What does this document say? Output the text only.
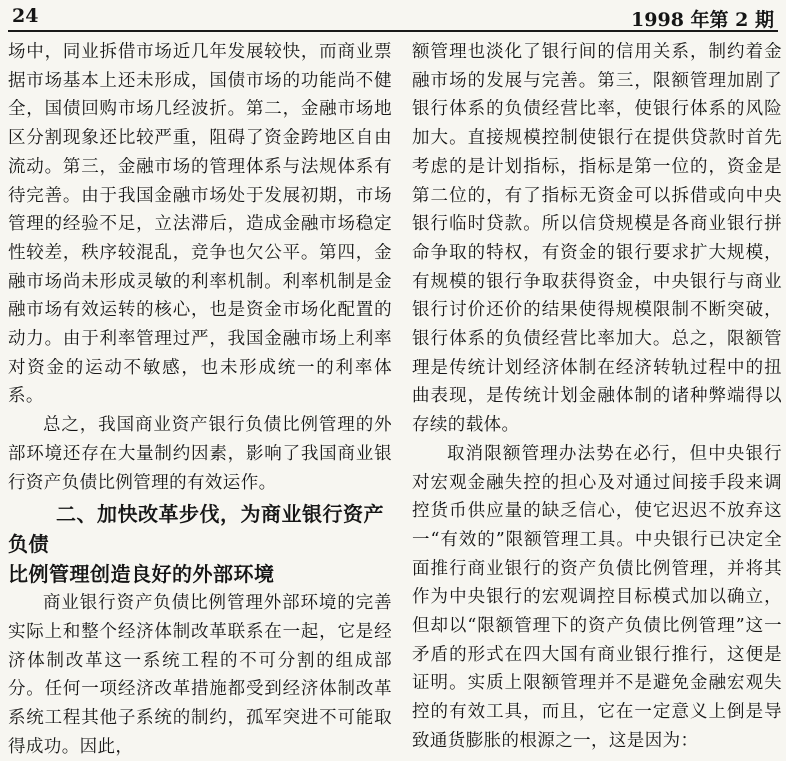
24	1998 年第 2 期

场中，同业拆借市场近几年发展较快，而商业票据市场基本上还未形成，国债市场的功能尚不健全，国债回购市场几经波折。第二，金融市场地区分割现象还比较严重，阻碍了资金跨地区自由流动。第三，金融市场的管理体系与法规体系有待完善。由于我国金融市场处于发展初期，市场管理的经验不足，立法滞后，造成金融市场稳定性较差，秩序较混乱，竞争也欠公平。第四，金融市场尚未形成灵敏的利率机制。利率机制是金融市场有效运转的核心，也是资金市场化配置的动力。由于利率管理过严，我国金融市场上利率对资金的运动不敏感，也未形成统一的利率体系。

总之，我国商业资产银行负债比例管理的外部环境还存在大量制约因素，影响了我国商业银行资产负债比例管理的有效运作。

二、加快改革步伐，为商业银行资产负债
比例管理创造良好的外部环境

商业银行资产负债比例管理外部环境的完善实际上和整个经济体制改革联系在一起，它是经济体制改革这一系统工程的不可分割的组成部分。任何一项经济改革措施都受到经济体制改革系统工程其他子系统的制约，孤军突进不可能取得成功。因此，

额管理也淡化了银行间的信用关系，制约着金融市场的发展与完善。第三，限额管理加剧了银行体系的负债经营比率，使银行体系的风险加大。直接规模控制使银行在提供贷款时首先考虑的是计划指标，指标是第一位的，资金是第二位的，有了指标无资金可以拆借或向中央银行临时贷款。所以信贷规模是各商业银行拼命争取的特权，有资金的银行要求扩大规模，有规模的银行争取获得资金，中央银行与商业银行讨价还价的结果使得规模限制不断突破，银行体系的负债经营比率加大。总之，限额管理是传统计划经济体制在经济转轨过程中的扭曲表现，是传统计划金融体制的诸种弊端得以存续的载体。

取消限额管理办法势在必行，但中央银行对宏观金融失控的担心及对通过间接手段来调控货币供应量的缺乏信心，使它迟迟不放弃这一“有效的”限额管理工具。中央银行已决定全面推行商业银行的资产负债比例管理，并将其作为中央银行的宏观调控目标模式加以确立，但却以“限额管理下的资产负债比例管理”这一矛盾的形式在四大国有商业银行推行，这便是证明。实质上限额管理并不是避免金融宏观失控的有效工具，而且，它在一定意义上倒是导致通货膨胀的根源之一，这是因为：
